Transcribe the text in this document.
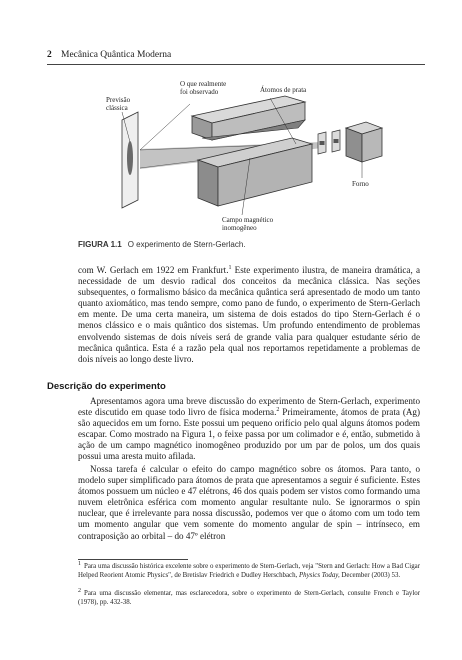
2 Mecânica Quântica Moderna
Previsão clássica
O que realmente foi observado	Átomos de prata
Forno
Campo magnético inomogêneo
FIGURA 1.1 O experimento de Stern-Gerlach.

com W. Gerlach em 1922 em Frankfurt.$^1$ Este experimento ilustra, de maneira dramática, a necessidade de um desvio radical dos conceitos da mecânica clássica. Nas seções subsequentes, o formalismo básico da mecânica quântica será apresentado de modo um tanto quanto axiomático, mas tendo sempre, como pano de fundo, o experimento de Stern-Gerlach em mente. De uma certa maneira, um sistema de dois estados do tipo Stern-Gerlach é o menos clássico e o mais quântico dos sistemas. Um profundo entendimento de problemas envolvendo sistemas de dois níveis será de grande valia para qualquer estudante sério de mecânica quântica. Esta é a razão pela qual nos reportamos repetidamente a problemas de dois níveis ao longo deste livro.

Descrição do experimento

Apresentamos agora uma breve discussão do experimento de Stern-Gerlach, experimento este discutido em quase todo livro de física moderna.$^2$ Primeiramente, átomos de prata (Ag) são aquecidos em um forno. Este possui um pequeno orifício pelo qual alguns átomos podem escapar. Como mostrado na Figura 1, o feixe passa por um colimador e é, então, submetido à ação de um campo magnético inomogêneo produzido por um par de polos, um dos quais possui uma aresta muito afilada.

Nossa tarefa é calcular o efeito do campo magnético sobre os átomos. Para tanto, o modelo super simplificado para átomos de prata que apresentamos a seguir é suficiente. Estes átomos possuem um núcleo e 47 elétrons, 46 dos quais podem ser vistos como formando uma nuvem eletrônica esférica com momento angular resultante nulo. Se ignorarmos o spin nuclear, que é irrelevante para nossa discussão, podemos ver que o átomo com um todo tem um momento angular que vem somente do momento angular de spin – intrínseco, em contraposição ao orbital – do 47º elétron

$^1$ Para uma discussão histórica excelente sobre o experimento de Stern-Gerlach, veja "Stern and Gerlach: How a Bad Cigar Helped Reorient Atomic Physics", de Bretislav Friedrich e Dudley Herschbach, Physics Today, December (2003) 53.

$^2$ Para uma discussão elementar, mas esclarecedora, sobre o experimento de Stern-Gerlach, consulte French e Taylor (1978), pp. 432-38.
